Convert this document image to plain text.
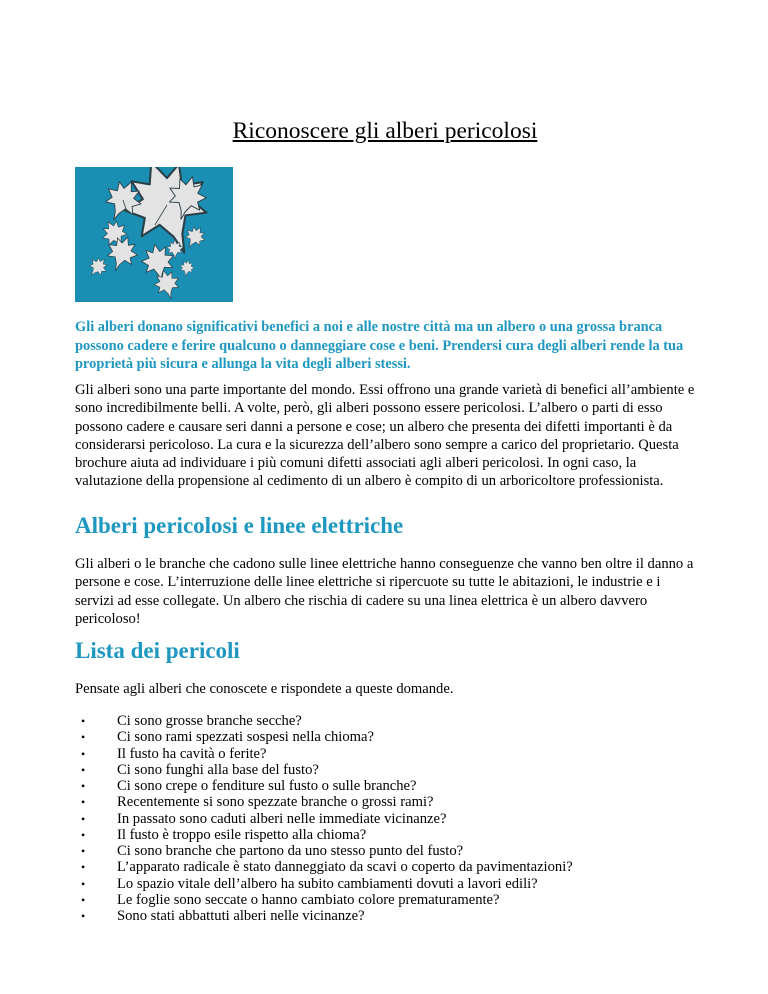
Riconoscere gli alberi pericolosi

Gli alberi donano significativi benefici a noi e alle nostre città ma un albero o una grossa branca possono cadere e ferire qualcuno o danneggiare cose e beni. Prendersi cura degli alberi rende la tua proprietà più sicura e allunga la vita degli alberi stessi.

Gli alberi sono una parte importante del mondo. Essi offrono una grande varietà di benefici all’ambiente e sono incredibilmente belli. A volte, però, gli alberi possono essere pericolosi. L’albero o parti di esso possono cadere e causare seri danni a persone e cose; un albero che presenta dei difetti importanti è da considerarsi pericoloso. La cura e la sicurezza dell’albero sono sempre a carico del proprietario. Questa brochure aiuta ad individuare i più comuni difetti associati agli alberi pericolosi. In ogni caso, la valutazione della propensione al cedimento di un albero è compito di un arboricoltore professionista.

Alberi pericolosi e linee elettriche

Gli alberi o le branche che cadono sulle linee elettriche hanno conseguenze che vanno ben oltre il danno a persone e cose. L’interruzione delle linee elettriche si ripercuote su tutte le abitazioni, le industrie e i servizi ad esse collegate. Un albero che rischia di cadere su una linea elettrica è un albero davvero pericoloso!

Lista dei pericoli

Pensate agli alberi che conoscete e rispondete a queste domande.

• Ci sono grosse branche secche?
• Ci sono rami spezzati sospesi nella chioma?
• Il fusto ha cavità o ferite?
• Ci sono funghi alla base del fusto?
• Ci sono crepe o fenditure sul fusto o sulle branche?
• Recentemente si sono spezzate branche o grossi rami?
• In passato sono caduti alberi nelle immediate vicinanze?
• Il fusto è troppo esile rispetto alla chioma?
• Ci sono branche che partono da uno stesso punto del fusto?
• L’apparato radicale è stato danneggiato da scavi o coperto da pavimentazioni?
• Lo spazio vitale dell’albero ha subito cambiamenti dovuti a lavori edili?
• Le foglie sono seccate o hanno cambiato colore prematuramente?
• Sono stati abbattuti alberi nelle vicinanze?
